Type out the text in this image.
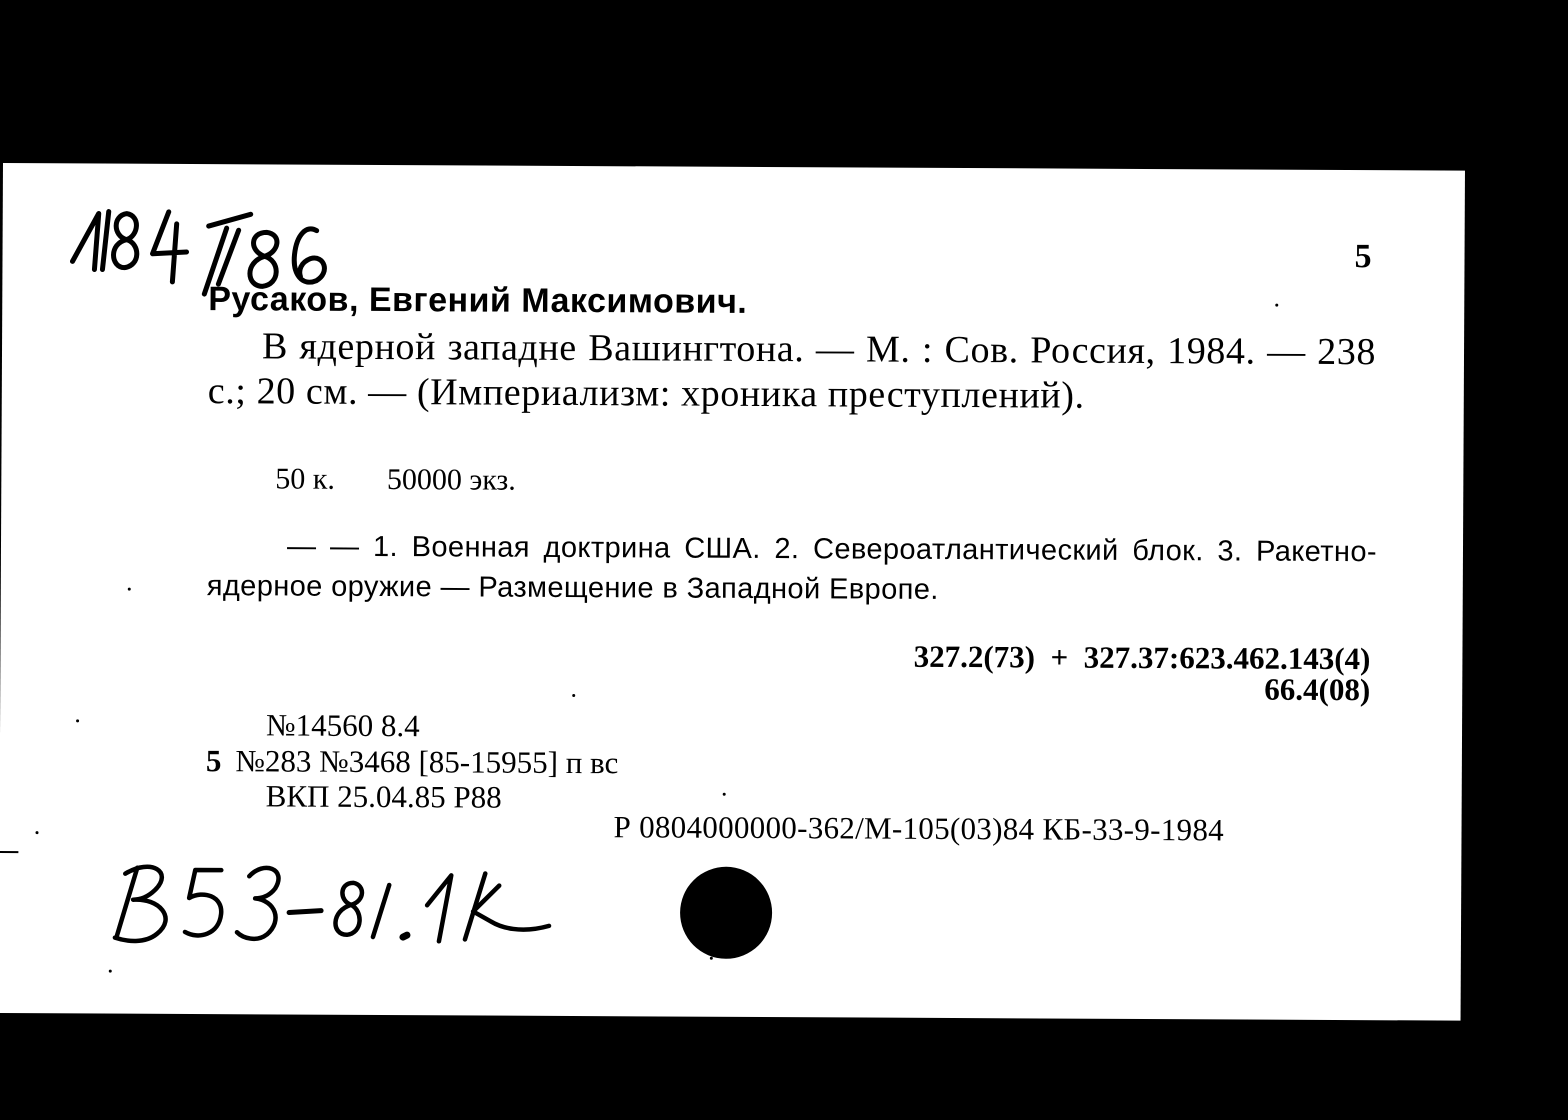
5
Русаков, Евгений Максимович.
В ядерной западне Вашингтона. — М. : Сов. Россия, 1984. — 238 с.; 20 см. — (Империализм: хроника преступлений).
50 к. 50000 экз.
— — 1. Военная доктрина США. 2. Североатлантический блок. 3. Ракетно-ядерное оружие — Размещение в Западной Европе.
327.2(73)  +  327.37:623.462.143(4)
66.4(08)
№14560 8.4
5 №283 №3468 [85-15955] п вс
ВКП 25.04.85 Р88
Р 0804000000-362/М-105(03)84 КБ-33-9-1984
